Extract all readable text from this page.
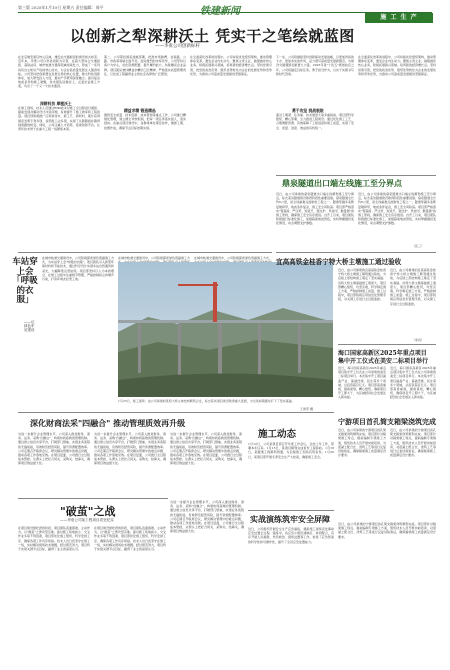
第三版 2025年1月10日 星期五 责任编辑：周平
施 工 生 产
以创新之犁深耕沃土 凭实干之笔绘就蓝图
——李垂公司创新标杆
在北京雄安新区核心区域，雄安站交通枢纽的建设如火如荼。近年来，李垂公司以科技创新为引领，在超大型综合交通枢纽、高铁站房、城市轨道交通等领域持续发力，形成了一系列具有自主知识产权的核心技术，为企业高质量发展注入强劲动能。公司坚持把创新摆在发展全局的核心位置，健全科技创新体系，加大研发投入力度，推动产学研用深度融合。面对复杂地质条件和施工难题，技术团队迎难而上，反复论证施工方案，攻克了一个又一个技术瓶颈。
深耕科技 厚植沃土
在施工现场，技术人员通过BIM技术对施工全过程进行模拟，提前发现并解决设计冲突问题，有效提升了施工效率和工程质量。项目部积极推广应用新技术、新工艺、新材料，累计获得国家发明专利多项、省部级工法多项，实现了从跟跑到并跑再到领跑的转变。同时，公司注重人才培养，搭建创新平台，让青年技术骨干在重大工程一线锤炼本领。
第二，公司紧扣国家战略部署，把准市场脉搏，在铁路、公路、市政等领域全面开花。面对激烈的市场竞争，公司坚持以客户为中心，优化资源配置，提升履约能力，持续擦亮企业品牌。项目团队秉持精益求精的工匠精神，严格落实质量管理责任，以优质工程赢得业主和社会各界的广泛赞誉。
精益求精 锻造精品
围绕安全质量、技术创新、成本管控等重点工作，公司推行精细化管理，建立健全考核机制，把每一项任务落实到人、落实到岗。在重点项目建设中，各参建单位紧密协作，倒排工期、挂图作战，确保节点目标按期实现。
在全面深化改革的进程中，公司持续优化组织架构，推动管理体系变革，激发企业内生动力。聚焦主责主业，做强做优核心业务，积极拓展新兴领域，培育新的经济增长点。坚持党建引领，把党的政治优势、组织优势转化为企业的发展优势和竞争优势，为推动公司高质量发展提供坚强保证。
下一步，公司将继续坚持创新驱动发展战略，以更加昂扬的斗志、更加务实的作风，奋力谱写高质量发展新篇章，为建设交通强国贡献更大力量。2025年是"十四五"规划收官之年，公司将锚定目标任务，勇于担当作为，以实干实绩书写新时代答卷。
勇于攻坚 挑战极限
面对工期紧、任务重、技术难度大等多重挑战，项目部科学组织、精心部署，全力推进工程建设。通过优化施工工艺、合理调配资源，有效保障了工程进度和施工质量，实现了安全、质量、进度、效益的有机统一。
在全面深化改革的进程中，公司持续优化组织架构，推动管理体系变革，激发企业内生动力。聚焦主责主业，做强做优核心业务，积极拓展新兴领域，培育新的经济增长点。坚持党建引领，把党的政治优势、组织优势转化为企业的发展优势和竞争优势，为推动公司高质量发展提供坚强保证。
鼎泉隧道出口端左线施工至分界点
近日，由公司承建的鼎泉隧道出口端左线顺利施工至分界点，标志着该隧道建设取得阶段性重要进展。鼎泉隧道全长约6公里，是全线重难点控制性工程之一，隧道穿越多条断层破碎带，地质条件复杂，施工安全风险高。项目部严格落实"管超前、严注浆、短进尺、强支护、早封闭、勤量测"的施工原则，确保施工安全有序推进。自开工以来，项目团队积极推行标准化施工，加强超前地质预报，实时掌握围岩变化情况，动态调整支护参数。
近日，由公司承建的鼎泉隧道出口端左线顺利施工至分界点，标志着该隧道建设取得阶段性重要进展。鼎泉隧道全长约6公里，是全线重难点控制性工程之一，隧道穿越多条断层破碎带，地质条件复杂，施工安全风险高。项目部严格落实"管超前、严注浆、短进尺、强支护、早封闭、勤量测"的施工原则，确保施工安全有序推进。自开工以来，项目团队积极推行标准化施工，加强超前地质预报，实时掌握围岩变化情况，动态调整支护参数。
（张三）
车站穿上会「呼吸的衣服」
——记绿色车站建设
在城市轨道交通建设中，公司积极探索绿色低碳施工方式，为车站穿上会"呼吸的衣服"。项目团队引入新型环保材料和节能技术，通过科学设计实现车站自然通风和采光，大幅降低运营能耗。项目部坚持以人为本的理念，在施工过程中注重细节管理，严格控制扬尘和噪声污染，打造环境友好型工地。
在城市轨道交通建设中，公司积极探索绿色低碳施工方 在城市轨道交通建设中，公司积极探索绿色低碳施工方式，
1月25日，施工现场：由公司承建的某特大桥主体结构顺利合龙，标志着该项目建设取得重大进展，为全线如期通车打下了坚实基础。
王建军 摄
宜高高铁金桂香宁特大桥主墩施工通过验收
近日，由公司参建的宜高高铁金桂香宁特大桥主墩施工顺利通过验收，为后续上部结构施工奠定了坚实基础。该特大桥主墩基础施工难度大，项目部精心组织，攻坚克难，科学制定施工方案，严格控制施工质量。施工过程中，项目部积极应用信息化管理手段，对关键工序进行全过程监控。
近日，由公司参建的宜高高铁金桂香宁特大桥主墩施工顺利通过验收，为后续上部结构施工奠定了坚实基础。该特大桥主墩基础施工难度大，项目部精心组织，攻坚克难，科学制定施工方案，严格控制施工质量。施工过程中，项目部积极应用信息化管理手段，对关键工序进行全过程监控。
（李四）
海口国家高新区2025年重点项目
集中开工仪式在美安二标项目举行
近日，海口国家高新区2025年重点项目集中开工仪式在公司承建的美安二标项目举行。本次集中开工项目涵盖产业、基础设施、民生等多个领域，总投资超百亿元。项目部高度重视，提前谋划，精心组织，确保项目开工即大干，为区域经济社会发展注入新动能。
近日，海口国家高新区2025年重点项目集中开工仪式在公司承建的美安二标项目举行。本次集中开工项目涵盖产业、基础设施、民生等多个领域，总投资超百亿元。项目部高度重视，提前谋划，精心组织，确保项目开工即大干，为区域经济社会发展注入新动能。
宁游项目首孔简支箱梁浇筑完成
近日，由公司承建的宁游项目首孔简支箱梁浇筑顺利完成。项目部针对箱梁施工特点，提前编制专项施工方案，组织技术人员开展岗前培训，对混凝土配合比、浇筑工艺等进行反复试验验证，确保箱梁施工质量满足设计要求。
近日，由公司承建的宁游项目首孔简支箱梁浇筑顺利完成。项目部针对箱梁施工特点，提前编制专项施工方案，组织技术人员开展岗前培训，对混凝土配合比、浇筑工艺等进行反复试验验证，确保箱梁施工质量满足设计要求。
深化财商法采"四融合" 推动管理质效再升级
为进一步提升企业管理水平，公司深入推进财务、商务、法务、采购"四融合"，构建协同高效的管理机制。通过建立信息共享平台，打破部门壁垒，实现业务流程的无缝衔接，有效防范经营风险，提升资源配置效率。公司定期召开联席会议，研究解决管理中的难点问题，推动各项工作落地见效。在项目层面，公司推行全过程成本管控，从源头上把好合同关、采购关、结算关，确保项目效益最大化。
为进一步提升企业管理水平，公司深入推进财务、商务、法务、采购"四融合"，构建协同高效的管理机制。通过建立信息共享平台，打破部门壁垒，实现业务流程的无缝衔接，有效防范经营风险，提升资源配置效率。公司定期召开联席会议，研究解决管理中的难点问题，推动各项工作落地见效。在项目层面，公司推行全过程成本管控，从源头上把好合同关、采购关、结算关，确保项目效益最大化。
为进一步提升企业管理水平，公司深入推进财务、商务、法务、采购"四融合"，构建协同高效的管理机制。通过建立信息共享平台，打破部门壁垒，实现业务流程的无缝衔接，有效防范经营风险，提升资源配置效率。公司定期召开联席会议，研究解决管理中的难点问题，推动各项工作落地见效。在项目层面，公司推行全过程成本管控，从源头上把好合同关、采购关、结算关，确保项目效益最大化。
施工动态
1月12日，公司某项目部召开年度工作会议，总结上年工作，部署本年任务。1月15日，某项目顺利完成首件工程验收。1月18日，某隧道工程顺利贯通，为后续施工创造有利条件。1月20日，某项目部开展冬季安全生产大检查，确保施工安全。
"破茧"之战
——李垂公司某工程项目攻坚纪实
在项目建设最吃劲的阶段，项目团队直面困难，主动作为，以"破茧"之勇攻坚克难。面对施工场地狭小、交叉作业多等不利因素，项目部优化施工组织，科学安排工序，确保各项工作有序衔接。技术人员日夜坚守在施工一线，实时解决现场技术难题。经过艰苦努力，项目终于实现关键节点目标，赢得了业主的高度认可。
在项目建设最吃劲的阶段，项目团队直面困难，主动作为，以"破茧"之勇攻坚克难。面对施工场地狭小、交叉作业多等不利因素，项目部优化施工组织，科学安排工序，确保各项工作有序衔接。技术人员日夜坚守在施工一线，实时解决现场技术难题。经过艰苦努力，项目终于实现关键节点目标，赢得了业主的高度认可。
为进一步提升企业管理水平，公司深入推进财务、商务、法务、采购"四融合"，构建协同高效的管理机制。通过建立信息共享平台，打破部门壁垒，实现业务流程的无缝衔接，有效防范经营风险，提升资源配置效率。公司定期召开联席会议，研究解决管理中的难点问题，推动各项工作落地见效。在项目层面，公司推行全过程成本管控，从源头上把好合同关、采购关、结算关，确保项目效益最大化。
实战演练筑牢安全屏障
近日，公司组织开展安全生产应急演练，模拟施工现场突发事故应急处置全过程。演练中，各应急小组迅速响应、协同配合，有序开展人员疏散、伤员救治、现场处置等工作，检验了应急预案的科学性和可操作性，提升了全员应急处置能力。
近日，由公司承建的宁游项目首孔简支箱梁浇筑顺利完成。项目部针对箱梁施工特点，提前编制专项施工方案，组织技术人员开展岗前培训，对混凝土配合比、浇筑工艺等进行反复试验验证，确保箱梁施工质量满足设计要求。
